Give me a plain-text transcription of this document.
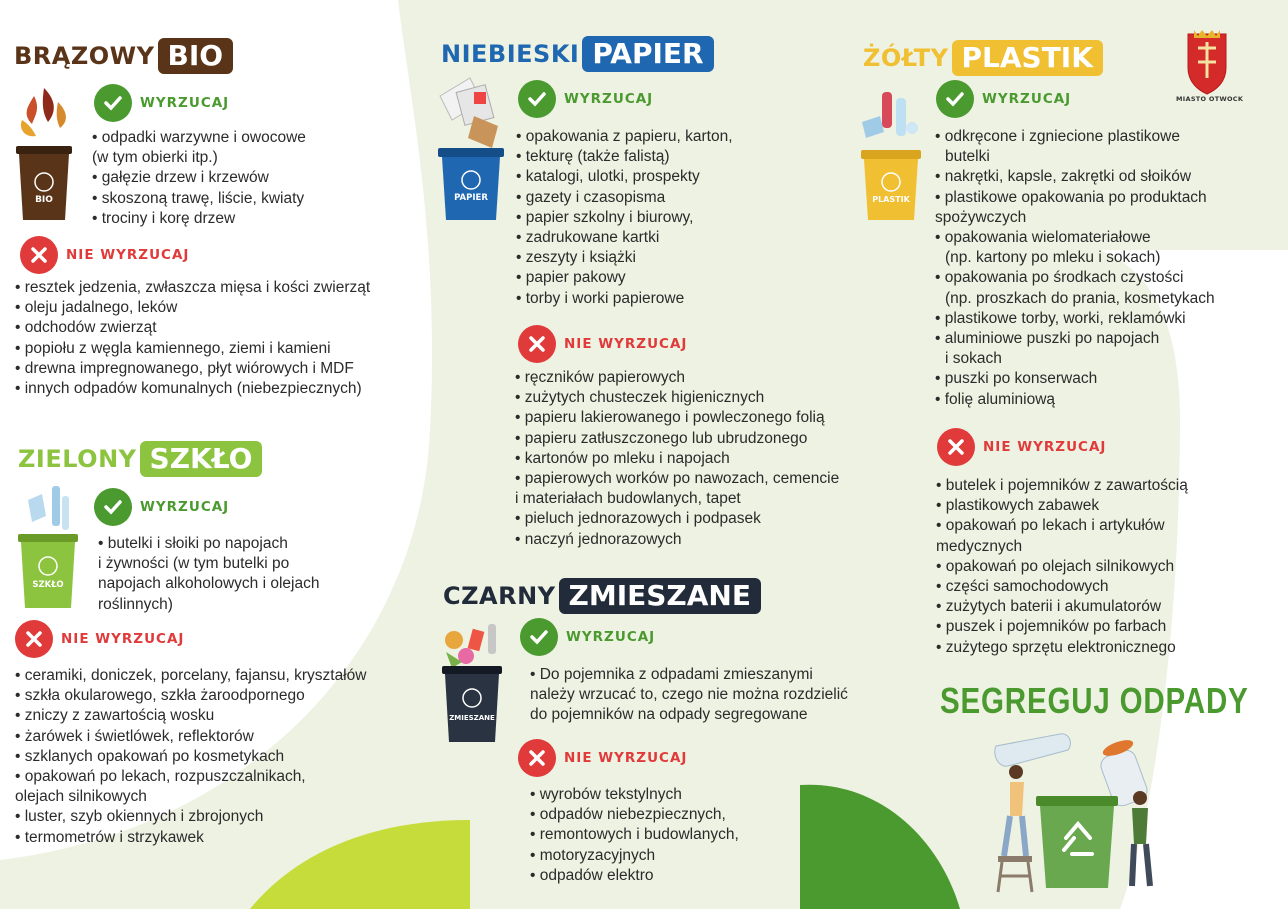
BRĄZOWY BIO
BIO
WYRZUCAJ
• odpadki warzywne i owocowe
(w tym obierki itp.)
• gałęzie drzew i krzewów
• skoszoną trawę, liście, kwiaty
• trociny i korę drzew
NIE WYRZUCAJ
• resztek jedzenia, zwłaszcza mięsa i kości zwierząt
• oleju jadalnego, leków
• odchodów zwierząt
• popiołu z węgla kamiennego, ziemi i kamieni
• drewna impregnowanego, płyt wiórowych i MDF
• innych odpadów komunalnych (niebezpiecznych)
ZIELONY SZKŁO
SZKŁO
WYRZUCAJ
• butelki i słoiki po napojach
i żywności (w tym butelki po
napojach alkoholowych i olejach
roślinnych)
NIE WYRZUCAJ
• ceramiki, doniczek, porcelany, fajansu, kryształów
• szkła okularowego, szkła żaroodpornego
• zniczy z zawartością wosku
• żarówek i świetlówek, reflektorów
• szklanych opakowań po kosmetykach
• opakowań po lekach, rozpuszczalnikach,
olejach silnikowych
• luster, szyb okiennych i zbrojonych
• termometrów i strzykawek
NIEBIESKI PAPIER
PAPIER
WYRZUCAJ
• opakowania z papieru, karton,
• tekturę (także falistą)
• katalogi, ulotki, prospekty
• gazety i czasopisma
• papier szkolny i biurowy,
• zadrukowane kartki
• zeszyty i książki
• papier pakowy
• torby i worki papierowe
NIE WYRZUCAJ
• ręczników papierowych
• zużytych chusteczek higienicznych
• papieru lakierowanego i powleczonego folią
• papieru zatłuszczonego lub ubrudzonego
• kartonów po mleku i napojach
• papierowych worków po nawozach, cemencie
i materiałach budowlanych, tapet
• pieluch jednorazowych i podpasek
• naczyń jednorazowych
CZARNY ZMIESZANE
ZMIESZANE
WYRZUCAJ
• Do pojemnika z odpadami zmieszanymi
należy wrzucać to, czego nie można rozdzielić
do pojemników na odpady segregowane
NIE WYRZUCAJ
• wyrobów tekstylnych
• odpadów niebezpiecznych,
• remontowych i budowlanych,
• motoryzacyjnych
• odpadów elektro
ŻÓŁTY PLASTIK
MIASTO OTWOCK
PLASTIK
WYRZUCAJ
• odkręcone i zgniecione plastikowe
butelki
• nakrętki, kapsle, zakrętki od słoików
• plastikowe opakowania po produktach
spożywczych
• opakowania wielomateriałowe
(np. kartony po mleku i sokach)
• opakowania po środkach czystości
(np. proszkach do prania, kosmetykach
• plastikowe torby, worki, reklamówki
• aluminiowe puszki po napojach
i sokach
• puszki po konserwach
• folię aluminiową
NIE WYRZUCAJ
• butelek i pojemników z zawartością
• plastikowych zabawek
• opakowań po lekach i artykułów
medycznych
• opakowań po olejach silnikowych
• części samochodowych
• zużytych baterii i akumulatorów
• puszek i pojemników po farbach
• zużytego sprzętu elektronicznego
SEGREGUJ ODPADY
